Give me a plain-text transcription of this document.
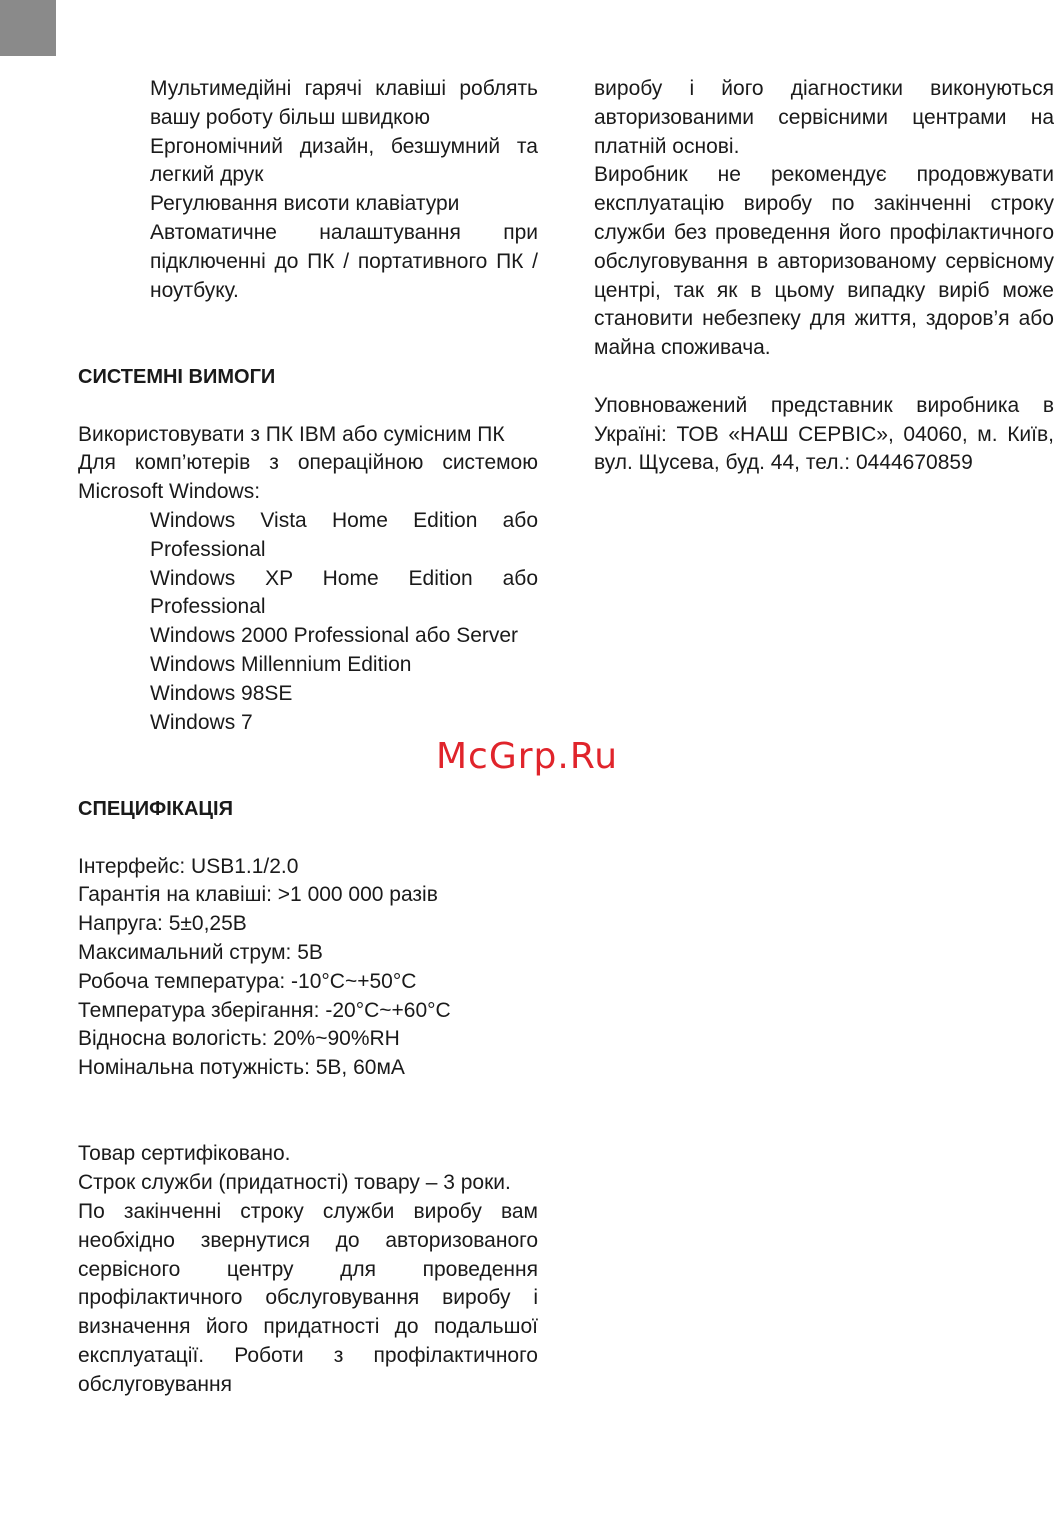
Мультимедійні гарячі клавіші роблять вашу роботу більш швидкою

Ергономічний дизайн, безшумний та легкий друк

Регулювання висоти клавіатури

Автоматичне налаштування при підключенні до ПК / портативного ПК / ноутбуку.

СИСТЕМНІ ВИМОГИ

Використовувати з ПК IBM або сумісним ПК

Для комп’ютерів з операційною системою Microsoft Windows:

Windows Vista Home Edition або Professional

Windows XP Home Edition або Professional

Windows 2000 Professional або Server

Windows Millennium Edition

Windows 98SE

Windows 7

СПЕЦИФІКАЦІЯ

Інтерфейс: USB1.1/2.0

Гарантія на клавіші: >1 000 000 разів

Напруга: 5±0,25В

Максимальний струм: 5В

Робоча температура: -10°C~+50°C

Температура зберігання: -20°C~+60°C

Відносна вологість: 20%~90%RH

Номінальна потужність: 5В, 60мА

Товар сертифіковано.

Строк служби (придатності) товару – 3 роки.

По закінченні строку служби виробу вам необхідно звернутися до авторизованого сервісного центру для проведення профілактичного обслуговування виробу і визначення його придатності до подальшої експлуатації. Роботи з профілактичного обслуговування

виробу і його діагностики виконуються авторизованими сервісними центрами на платній основі.

Виробник не рекомендує продовжувати експлуатацію виробу по закінченні строку служби без проведення його профілактичного обслуговування в авторизованому сервісному центрі, так як в цьому випадку виріб може становити небезпеку для життя, здоров’я або майна споживача.

Уповноважений представник виробника в Україні: ТОВ «НАШ СЕРВІС», 04060, м. Київ, вул. Щусева, буд. 44, тел.: 0444670859

McGrp.Ru
